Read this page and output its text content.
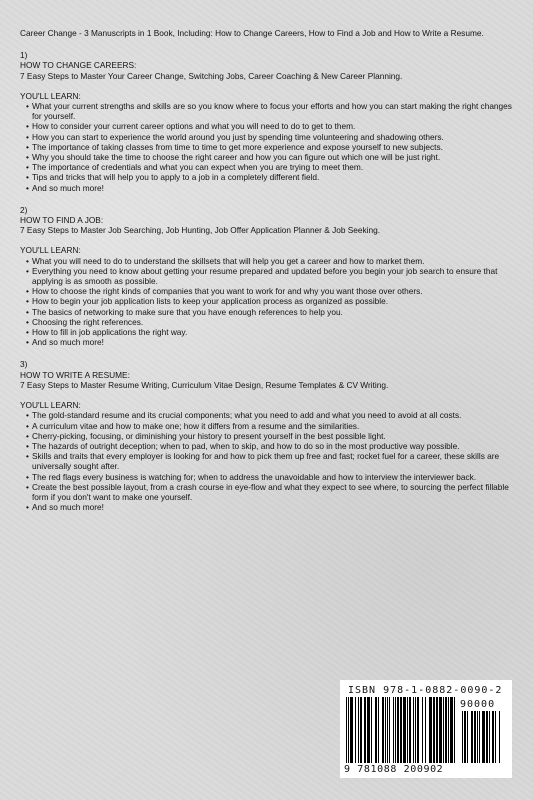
Career Change - 3 Manuscripts in 1 Book, Including: How to Change Careers, How to Find a Job and How to Write a Resume.

1)

HOW TO CHANGE CAREERS:

7 Easy Steps to Master Your Career Change, Switching Jobs, Career Coaching & New Career Planning.

YOU'LL LEARN:

• What your current strengths and skills are so you know where to focus your efforts and how you can start making the right changes for yourself.
• How to consider your current career options and what you will need to do to get to them.
• How you can start to experience the world around you just by spending time volunteering and shadowing others.
• The importance of taking classes from time to time to get more experience and expose yourself to new subjects.
• Why you should take the time to choose the right career and how you can figure out which one will be just right.
• The importance of credentials and what you can expect when you are trying to meet them.
• Tips and tricks that will help you to apply to a job in a completely different field.
• And so much more!

2)

HOW TO FIND A JOB:

7 Easy Steps to Master Job Searching, Job Hunting, Job Offer Application Planner & Job Seeking.

YOU'LL LEARN:

• What you will need to do to understand the skillsets that will help you get a career and how to market them.
• Everything you need to know about getting your resume prepared and updated before you begin your job search to ensure that applying is as smooth as possible.
• How to choose the right kinds of companies that you want to work for and why you want those over others.
• How to begin your job application lists to keep your application process as organized as possible.
• The basics of networking to make sure that you have enough references to help you.
• Choosing the right references.
• How to fill in job applications the right way.
• And so much more!

3)

HOW TO WRITE A RESUME:

7 Easy Steps to Master Resume Writing, Curriculum Vitae Design, Resume Templates & CV Writing.

YOU'LL LEARN:

• The gold-standard resume and its crucial components; what you need to add and what you need to avoid at all costs.
• A curriculum vitae and how to make one; how it differs from a resume and the similarities.
• Cherry-picking, focusing, or diminishing your history to present yourself in the best possible light.
• The hazards of outright deception; when to pad, when to skip, and how to do so in the most productive way possible.
• Skills and traits that every employer is looking for and how to pick them up free and fast; rocket fuel for a career, these skills are universally sought after.
• The red flags every business is watching for; when to address the unavoidable and how to interview the interviewer back.
• Create the best possible layout, from a crash course in eye-flow and what they expect to see where, to sourcing the perfect fillable form if you don't want to make one yourself.
• And so much more!
ISBN 978-1-0882-0090-2
90000
9 781088 200902
